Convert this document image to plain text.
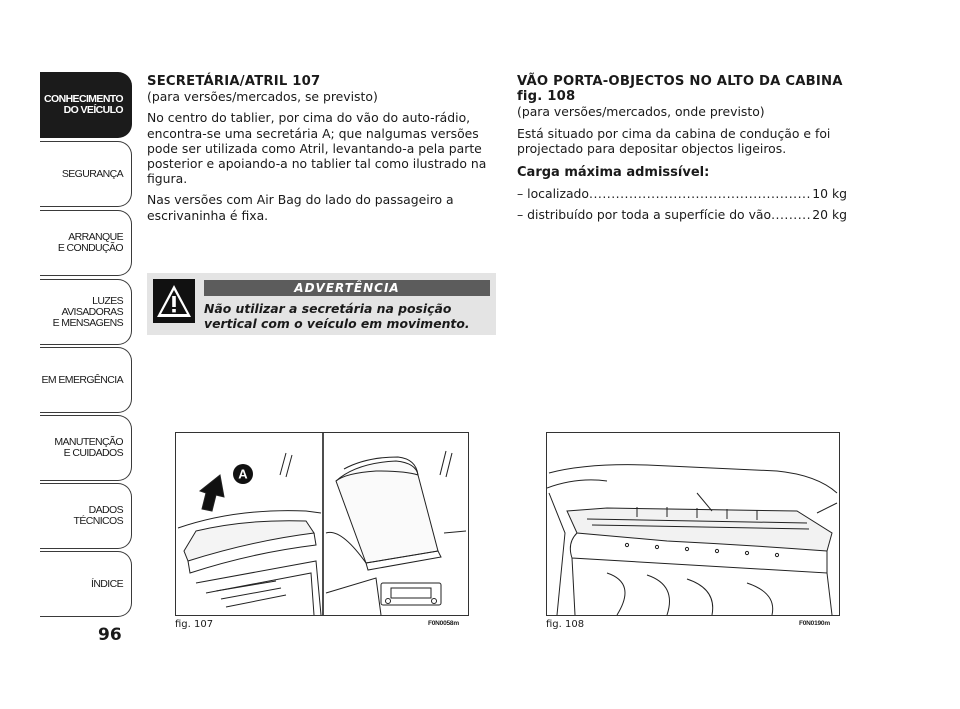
CONHECIMENTO
DO VEÍCULO
SEGURANÇA
ARRANQUE
E CONDUÇÃO
LUZES
AVISADORAS
E MENSAGENS
EM EMERGÊNCIA
MANUTENÇÃO
E CUIDADOS
DADOS
TÉCNICOS
ÍNDICE
96
SECRETÁRIA/ATRIL 107

(para versões/mercados, se previsto)

No centro do tablier, por cima do vão do auto-rádio, encontra-se uma secretária A; que nalgumas versões pode ser utilizada como Atril, levantando-a pela parte posterior e apoiando-a no tablier tal como ilustrado na figura.

Nas versões com Air Bag do lado do passageiro a escrivaninha é fixa.

ADVERTÊNCIA
Não utilizar a secretária na posição vertical com o veículo em movimento.
VÃO PORTA-OBJECTOS NO ALTO DA CABINA fig. 108

(para versões/mercados, onde previsto)

Está situado por cima da cabina de condução e foi projectado para depositar objectos ligeiros.

Carga máxima admissível:

– localizado .....	10 kg
– distribuído por toda a superfície do vão .....	20 kg
A
fig. 107	F0N0058m	fig. 108	F0N0190m
